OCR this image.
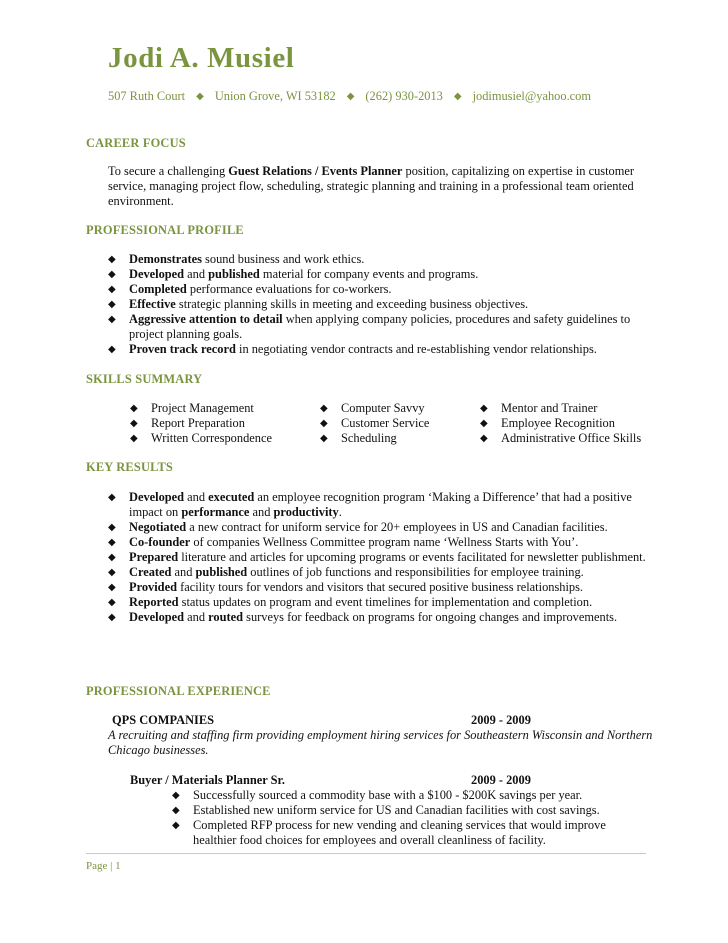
Jodi A. Musiel
507 Ruth Court ◆ Union Grove, WI 53182 ◆ (262) 930-2013 ◆ jodimusiel@yahoo.com
CAREER FOCUS
To secure a challenging Guest Relations / Events Planner position, capitalizing on expertise in customer service, managing project flow, scheduling, strategic planning and training in a professional team oriented environment.
PROFESSIONAL PROFILE
◆ Demonstrates sound business and work ethics.
◆ Developed and published material for company events and programs.
◆ Completed performance evaluations for co-workers.
◆ Effective strategic planning skills in meeting and exceeding business objectives.
◆ Aggressive attention to detail when applying company policies, procedures and safety guidelines to project planning goals.
◆ Proven track record in negotiating vendor contracts and re-establishing vendor relationships.
SKILLS SUMMARY
◆ Project Management
◆ Report Preparation
◆ Written Correspondence
◆ Computer Savvy
◆ Customer Service
◆ Scheduling
◆ Mentor and Trainer
◆ Employee Recognition
◆ Administrative Office Skills
KEY RESULTS
◆ Developed and executed an employee recognition program ‘Making a Difference’ that had a positive impact on performance and productivity.
◆ Negotiated a new contract for uniform service for 20+ employees in US and Canadian facilities.
◆ Co-founder of companies Wellness Committee program name ‘Wellness Starts with You’.
◆ Prepared literature and articles for upcoming programs or events facilitated for newsletter publishment.
◆ Created and published outlines of job functions and responsibilities for employee training.
◆ Provided facility tours for vendors and visitors that secured positive business relationships.
◆ Reported status updates on program and event timelines for implementation and completion.
◆ Developed and routed surveys for feedback on programs for ongoing changes and improvements.
PROFESSIONAL EXPERIENCE
QPS COMPANIES	2009 - 2009
A recruiting and staffing firm providing employment hiring services for Southeastern Wisconsin and Northern Chicago businesses.
Buyer / Materials Planner Sr.	2009 - 2009
◆ Successfully sourced a commodity base with a $100 - $200K savings per year.
◆ Established new uniform service for US and Canadian facilities with cost savings.
◆ Completed RFP process for new vending and cleaning services that would improve healthier food choices for employees and overall cleanliness of facility.
Page | 1
